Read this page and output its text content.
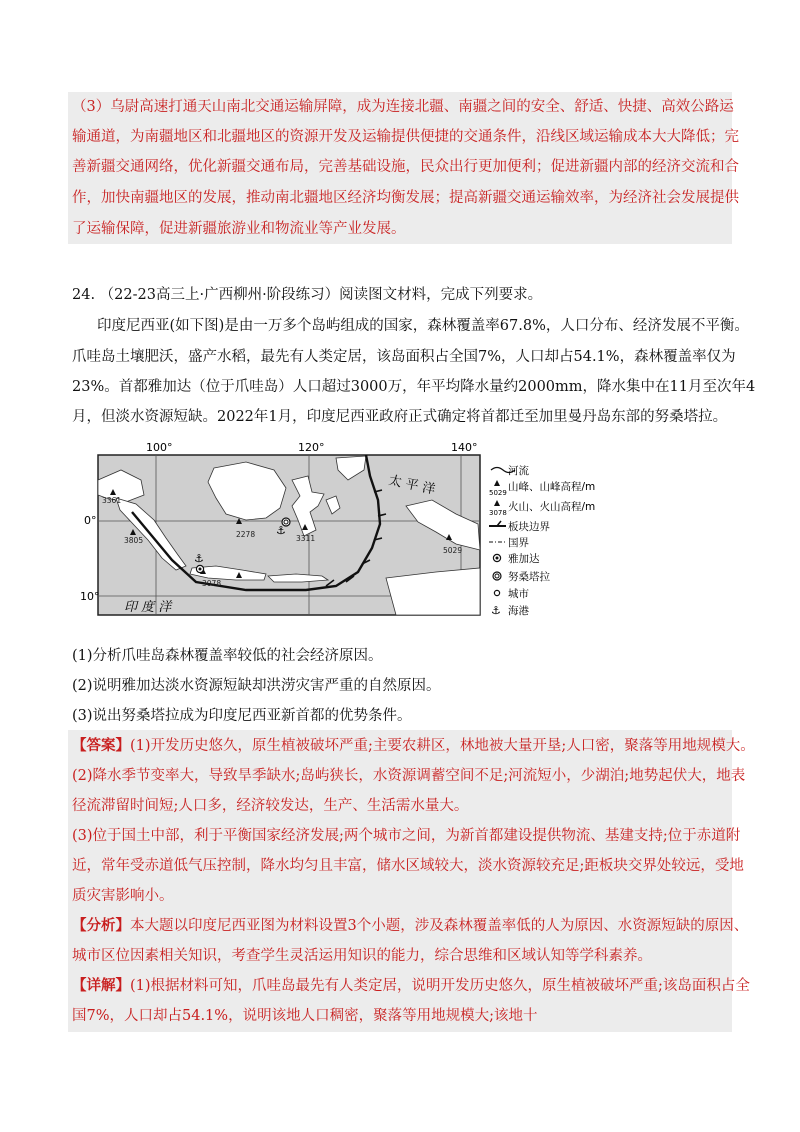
（3）乌尉高速打通天山南北交通运输屏障，成为连接北疆、南疆之间的安全、舒适、快捷、高效公路运
输通道，为南疆地区和北疆地区的资源开发及运输提供便捷的交通条件，沿线区域运输成本大大降低；完
善新疆交通网络，优化新疆交通布局，完善基础设施，民众出行更加便利；促进新疆内部的经济交流和合
作，加快南疆地区的发展，推动南北疆地区经济均衡发展；提高新疆交通运输效率，为经济社会发展提供
了运输保障，促进新疆旅游业和物流业等产业发展。
24. （22-23高三上·广西柳州·阶段练习）阅读图文材料，完成下列要求。
印度尼西亚(如下图)是由一万多个岛屿组成的国家，森林覆盖率67.8%，人口分布、经济发展不平衡。
爪哇岛土壤肥沃，盛产水稻，最先有人类定居，该岛面积占全国7%，人口却占54.1%，森林覆盖率仅为
23%。首都雅加达（位于爪哇岛）人口超过3000万，年平均降水量约2000mm，降水集中在11月至次年4
月，但淡水资源短缺。2022年1月，印度尼西亚政府正式确定将首都迁至加里曼丹岛东部的努桑塔拉。
100°	120°	140°
0°
10°
太 平 洋
印 度 洋
3361
3805
3078
2278	3311
5029
⚓
⚓
河流
5029 山峰、山峰高程/m
3078 火山、火山高程/m
板块边界
国界
雅加达
努桑塔拉
城市
⚓ 海港
(1)分析爪哇岛森林覆盖率较低的社会经济原因。
(2)说明雅加达淡水资源短缺却洪涝灾害严重的自然原因。
(3)说出努桑塔拉成为印度尼西亚新首都的优势条件。
【答案】(1)开发历史悠久，原生植被破坏严重;主要农耕区，林地被大量开垦;人口密，聚落等用地规模大。
(2)降水季节变率大，导致旱季缺水;岛屿狭长，水资源调蓄空间不足;河流短小，少湖泊;地势起伏大，地表
径流滞留时间短;人口多，经济较发达，生产、生活需水量大。
(3)位于国土中部，利于平衡国家经济发展;两个城市之间，为新首都建设提供物流、基建支持;位于赤道附
近，常年受赤道低气压控制，降水均匀且丰富，储水区域较大，淡水资源较充足;距板块交界处较远，受地
质灾害影响小。
【分析】本大题以印度尼西亚图为材料设置3个小题，涉及森林覆盖率低的人为原因、水资源短缺的原因、
城市区位因素相关知识，考查学生灵活运用知识的能力，综合思维和区域认知等学科素养。
【详解】(1)根据材料可知，爪哇岛最先有人类定居，说明开发历史悠久，原生植被破坏严重;该岛面积占全
国7%，人口却占54.1%，说明该地人口稠密，聚落等用地规模大;该地十
